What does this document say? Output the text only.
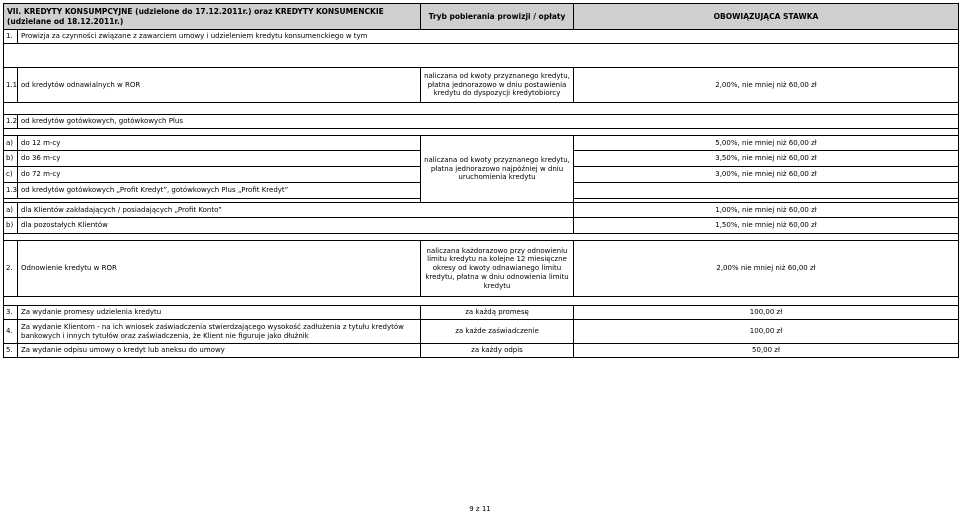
VII. KREDYTY KONSUMPCYJNE (udzielone do 17.12.2011r.) oraz KREDYTY KONSUMENCKIE
(udzielane od 18.12.2011r.)		Tryb pobierania prowizji / opłaty	OBOWIĄZUJĄCA STAWKA
1.	Prowizja za czynności związane z zawarciem umowy i udzieleniem kredytu konsumenckiego w tym		

1.1	od kredytów odnawialnych w ROR	naliczana od kwoty przyznanego kredytu, płatna jednorazowo w dniu postawienia kredytu do dyspozycji kredytobiorcy	2,00%, nie mniej niż 60,00 zł

1.2	od kredytów gotówkowych, gotówkowych Plus		

a)	do 12 m-cy	naliczana od kwoty przyznanego kredytu, płatna jednorazowo najpóźniej w dniu uruchomienia kredytu	5,00%, nie mniej niż 60,00 zł
b)	do 36 m-cy		3,50%, nie mniej niż 60,00 zł
c)	do 72 m-cy		3,00%, nie mniej niż 60,00 zł
1.3	od kredytów gotówkowych „Profit Kredyt”, gotówkowych Plus „Profit Kredyt”		

a)	dla Klientów zakładających / posiadających „Profit Konto”		1,00%, nie mniej niż 60,00 zł
b)	dla pozostałych Klientów		1,50%, nie mniej niż 60,00 zł

2.	Odnowienie kredytu w ROR	naliczana każdorazowo przy odnowieniu limitu kredytu na kolejne 12 miesięczne okresy od kwoty odnawianego limitu kredytu, płatna w dniu odnowienia limitu kredytu	2,00% nie mniej niż 60,00 zł

3.	Za wydanie promesy udzielenia kredytu	za każdą promesę	100,00 zł
4.	Za wydanie Klientom - na ich wniosek zaświadczenia stwierdzającego wysokość zadłużenia z tytułu kredytów bankowych i innych tytułów oraz zaświadczenia, że Klient nie figuruje jako dłużnik	za każde zaświadczenie	100,00 zł
5.	Za wydanie odpisu umowy o kredyt lub aneksu do umowy	za każdy odpis	50,00 zł
9 z 11
